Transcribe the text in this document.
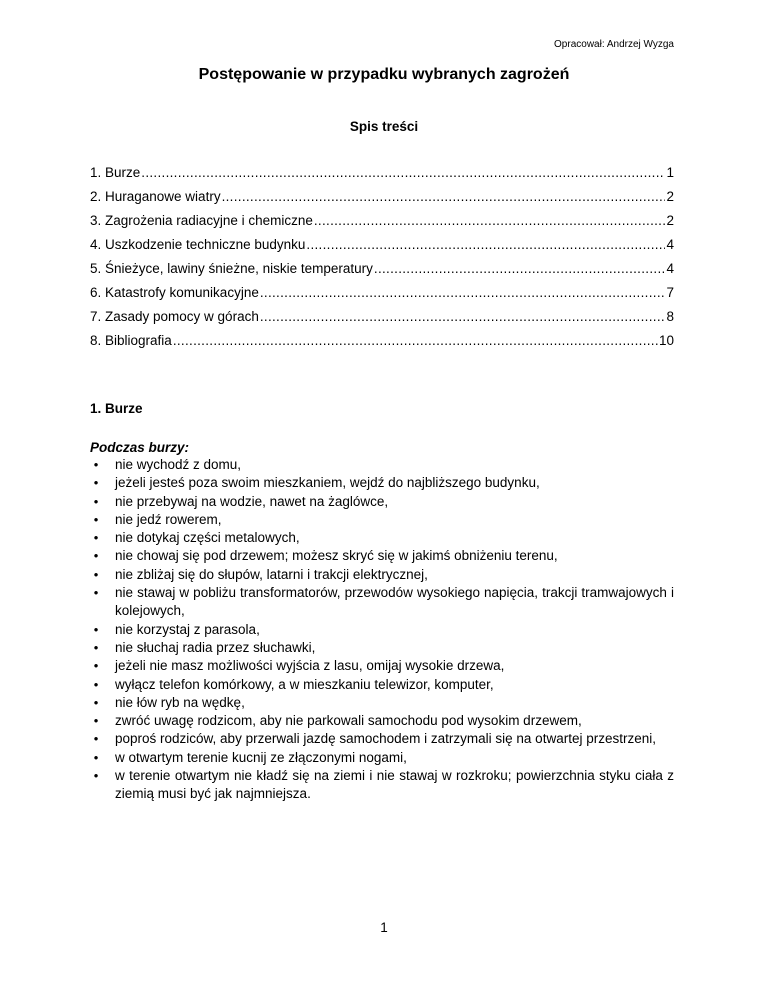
Opracował: Andrzej Wyzga
Postępowanie w przypadku wybranych zagrożeń
Spis treści
1. Burze .....	1
2. Huraganowe wiatry .....	2
3. Zagrożenia radiacyjne i chemiczne .....	2
4. Uszkodzenie techniczne budynku .....	4
5. Śnieżyce, lawiny śnieżne, niskie temperatury .....	4
6. Katastrofy komunikacyjne .....	7
7. Zasady pomocy w górach .....	8
8. Bibliografia .....	10
1. Burze
Podczas burzy:
• nie wychodź z domu,
• jeżeli jesteś poza swoim mieszkaniem, wejdź do najbliższego budynku,
• nie przebywaj na wodzie, nawet na żaglówce,
• nie jedź rowerem,
• nie dotykaj części metalowych,
• nie chowaj się pod drzewem; możesz skryć się w jakimś obniżeniu terenu,
• nie zbliżaj się do słupów, latarni i trakcji elektrycznej,
• nie stawaj w pobliżu transformatorów, przewodów wysokiego napięcia, trakcji tramwajowych i kolejowych,
• nie korzystaj z parasola,
• nie słuchaj radia przez słuchawki,
• jeżeli nie masz możliwości wyjścia z lasu, omijaj wysokie drzewa,
• wyłącz telefon komórkowy, a w mieszkaniu telewizor, komputer,
• nie łów ryb na wędkę,
• zwróć uwagę rodzicom, aby nie parkowali samochodu pod wysokim drzewem,
• poproś rodziców, aby przerwali jazdę samochodem i zatrzymali się na otwartej przestrzeni,
• w otwartym terenie kucnij ze złączonymi nogami,
• w terenie otwartym nie kładź się na ziemi i nie stawaj w rozkroku; powierzchnia styku ciała z ziemią musi być jak najmniejsza.
1
